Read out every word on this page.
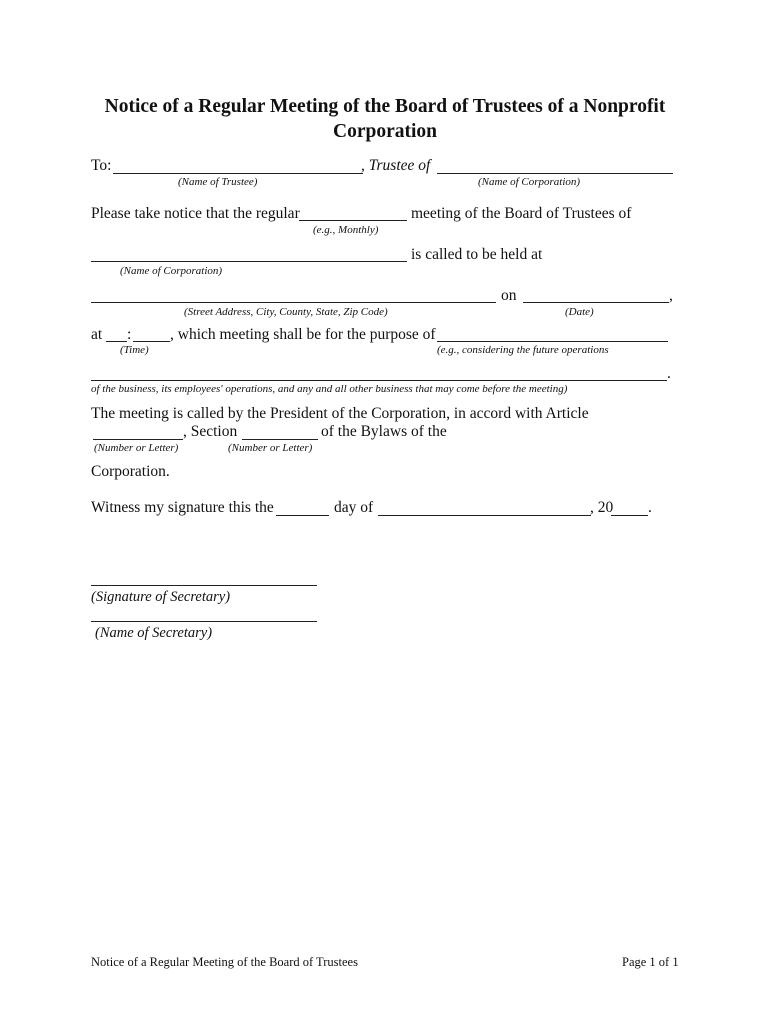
Notice of a Regular Meeting of the Board of Trustees of a Nonprofit
Corporation
To:	, Trustee of
(Name of Trustee)	(Name of Corporation)
Please take notice that the regular	meeting of the Board of Trustees of
(e.g., Monthly)
is called to be held at
(Name of Corporation)
on	,
(Street Address, City, County, State, Zip Code)	(Date)
at : , which meeting shall be for the purpose of
(Time)	(e.g., considering the future operations
.
of the business, its employees' operations, and any and all other business that may come before the meeting)
The meeting is called by the President of the Corporation, in accord with Article
, Section	of the Bylaws of the
(Number or Letter)	(Number or Letter)
Corporation.
Witness my signature this the	day of	, 20 .
(Signature of Secretary)
(Name of Secretary)
Notice of a Regular Meeting of the Board of Trustees	Page 1 of 1
